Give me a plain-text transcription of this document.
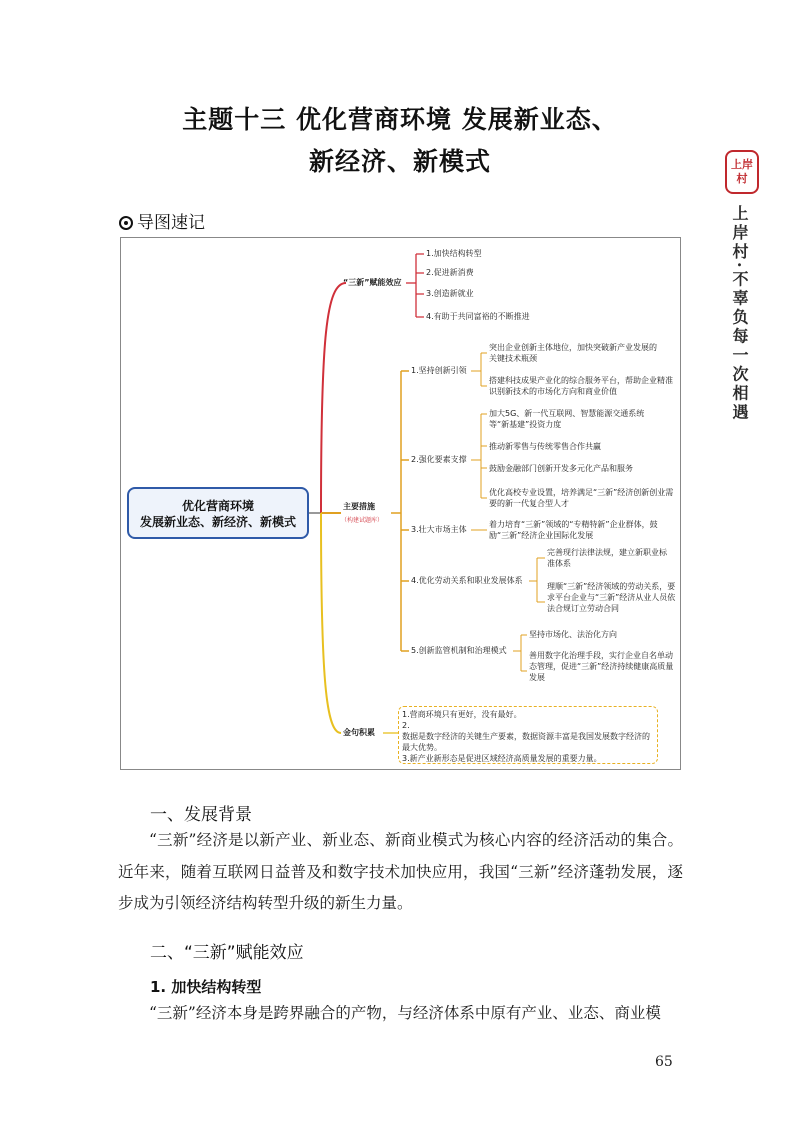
主题十三 优化营商环境 发展新业态、
新经济、新模式	上岸村
上岸村·不辜负每一次相遇
导图速记
优化营商环境
发展新业态、新经济、新模式
“三新”赋能效应
1.加快结构转型
2.促进新消费
3.创造新就业
4.有助于共同富裕的不断推进
主要措施
（构建试题库）
1.坚持创新引领
突出企业创新主体地位，加快突破新产业发展的关键技术瓶颈
搭建科技成果产业化的综合服务平台，帮助企业精准识别新技术的市场化方向和商业价值
2.强化要素支撑
加大5G、新一代互联网、智慧能源交通系统等“新基建”投资力度
推动新零售与传统零售合作共赢
鼓励金融部门创新开发多元化产品和服务
优化高校专业设置，培养满足“三新”经济创新创业需要的新一代复合型人才
3.壮大市场主体
着力培育“三新”领域的“专精特新”企业群体，鼓励“三新”经济企业国际化发展
4.优化劳动关系和职业发展体系
完善现行法律法规，建立新职业标准体系
理顺“三新”经济领域的劳动关系，要求平台企业与“三新”经济从业人员依法合规订立劳动合同
5.创新监管机制和治理模式
坚持市场化、法治化方向
善用数字化治理手段，实行企业自名单动态管理，促进“三新”经济持续健康高质量发展
金句积累
1.营商环境只有更好，没有最好。
2.
数据是数字经济的关键生产要素，数据资源丰富是我国发展数字经济的最大优势。
3.新产业新形态是促进区域经济高质量发展的重要力量。
一、发展背景
“三新”经济是以新产业、新业态、新商业模式为核心内容的经济活动的集合。近年来，随着互联网日益普及和数字技术加快应用，我国“三新”经济蓬勃发展，逐步成为引领经济结构转型升级的新生力量。
二、“三新”赋能效应
1. 加快结构转型
“三新”经济本身是跨界融合的产物，与经济体系中原有产业、业态、商业模
65
